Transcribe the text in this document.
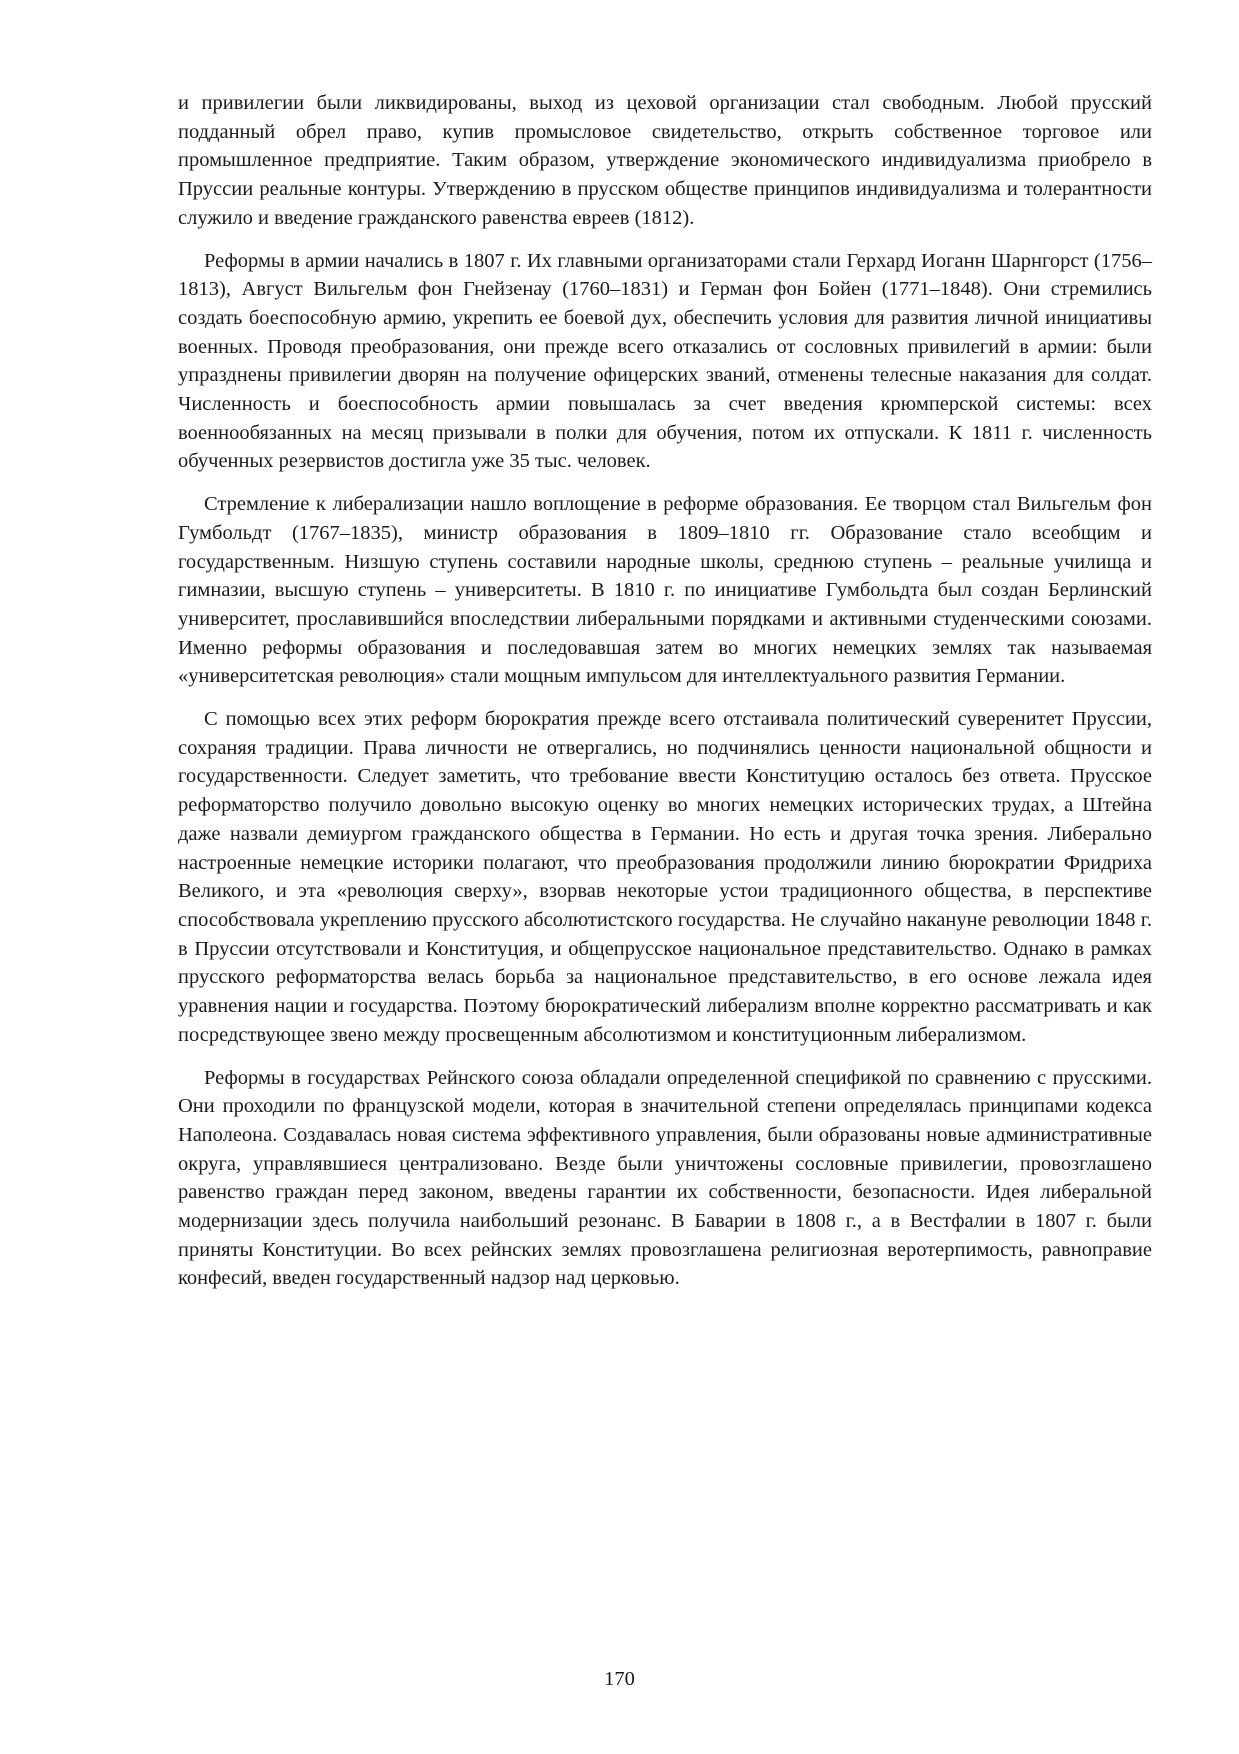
и привилегии были ликвидированы, выход из цеховой организации стал свободным. Любой прусский подданный обрел право, купив промысловое свидетельство, открыть собственное торговое или промышленное предприятие. Таким образом, утверждение экономического индивидуализма приобрело в Пруссии реальные контуры. Утверждению в прусском обществе принципов индивидуализма и толерантности служило и введение гражданского равенства евреев (1812).

Реформы в армии начались в 1807 г. Их главными организаторами стали Герхард Иоганн Шарнгорст (1756–1813), Август Вильгельм фон Гнейзенау (1760–1831) и Герман фон Бойен (1771–1848). Они стремились создать боеспособную армию, укрепить ее боевой дух, обеспечить условия для развития личной инициативы военных. Проводя преобразования, они прежде всего отказались от сословных привилегий в армии: были упразднены привилегии дворян на получение офицерских званий, отменены телесные наказания для солдат. Численность и боеспособность армии повышалась за счет введения крюмперской системы: всех военнообязанных на месяц призывали в полки для обучения, потом их отпускали. К 1811 г. численность обученных резервистов достигла уже 35 тыс. человек.

Стремление к либерализации нашло воплощение в реформе образования. Ее творцом стал Вильгельм фон Гумбольдт (1767–1835), министр образования в 1809–1810 гг. Образование стало всеобщим и государственным. Низшую ступень составили народные школы, среднюю ступень – реальные училища и гимназии, высшую ступень – университеты. В 1810 г. по инициативе Гумбольдта был создан Берлинский университет, прославившийся впоследствии либеральными порядками и активными студенческими союзами. Именно реформы образования и последовавшая затем во многих немецких землях так называемая «университетская революция» стали мощным импульсом для интеллектуального развития Германии.

С помощью всех этих реформ бюрократия прежде всего отстаивала политический суверенитет Пруссии, сохраняя традиции. Права личности не отвергались, но подчинялись ценности национальной общности и государственности. Следует заметить, что требование ввести Конституцию осталось без ответа. Прусское реформаторство получило довольно высокую оценку во многих немецких исторических трудах, а Штейна даже назвали демиургом гражданского общества в Германии. Но есть и другая точка зрения. Либерально настроенные немецкие историки полагают, что преобразования продолжили линию бюрократии Фридриха Великого, и эта «революция сверху», взорвав некоторые устои традиционного общества, в перспективе способствовала укреплению прусского абсолютистского государства. Не случайно накануне революции 1848 г. в Пруссии отсутствовали и Конституция, и общепрусское национальное представительство. Однако в рамках прусского реформаторства велась борьба за национальное представительство, в его основе лежала идея уравнения нации и государства. Поэтому бюрократический либерализм вполне корректно рассматривать и как посредствующее звено между просвещенным абсолютизмом и конституционным либерализмом.

Реформы в государствах Рейнского союза обладали определенной спецификой по сравнению с прусскими. Они проходили по французской модели, которая в значительной степени определялась принципами кодекса Наполеона. Создавалась новая система эффективного управления, были образованы новые административные округа, управлявшиеся централизовано. Везде были уничтожены сословные привилегии, провозглашено равенство граждан перед законом, введены гарантии их собственности, безопасности. Идея либеральной модернизации здесь получила наибольший резонанс. В Баварии в 1808 г., а в Вестфалии в 1807 г. были приняты Конституции. Во всех рейнских землях провозглашена религиозная веротерпимость, равноправие конфесий, введен государственный надзор над церковью.

170
